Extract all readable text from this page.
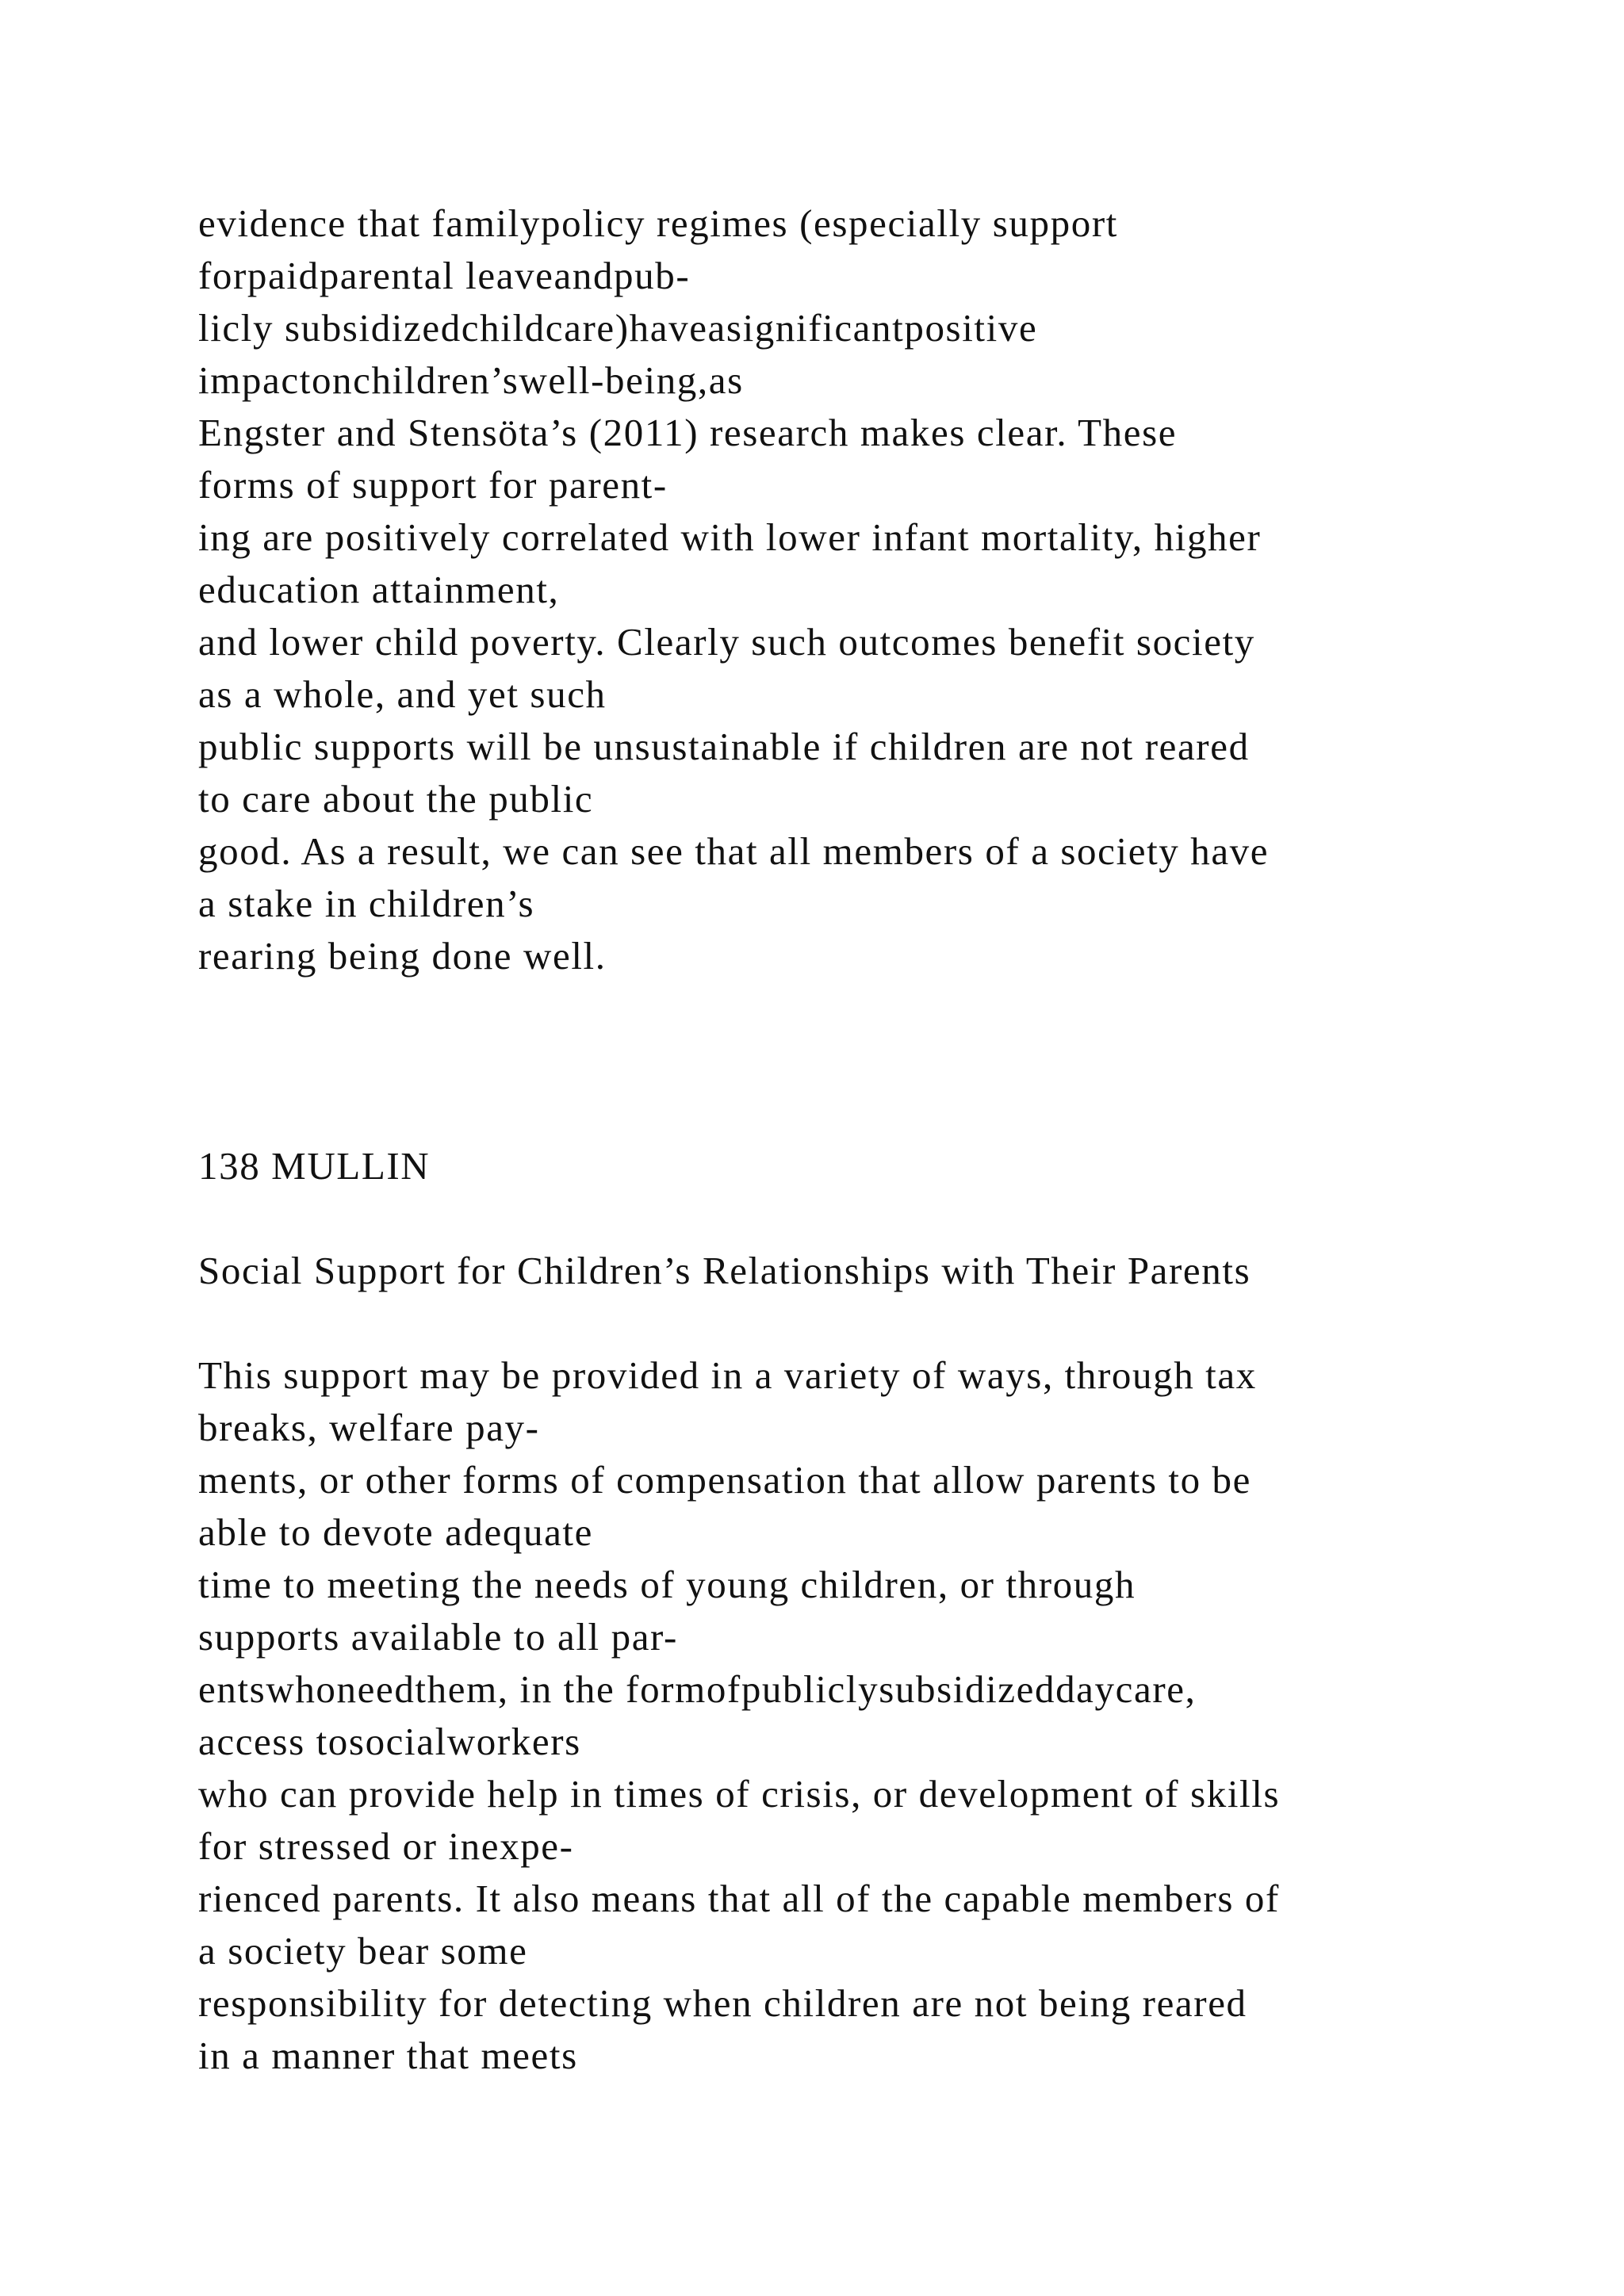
evidence that familypolicy regimes (especially support
forpaidparental leaveandpub-
licly subsidizedchildcare)haveasignificantpositive
impactonchildren’swell-being,as
Engster and Stensöta’s (2011) research makes clear. These
forms of support for parent-
ing are positively correlated with lower infant mortality, higher
education attainment,
and lower child poverty. Clearly such outcomes benefit society
as a whole, and yet such
public supports will be unsustainable if children are not reared
to care about the public
good. As a result, we can see that all members of a society have
a stake in children’s
rearing being done well.
138 MULLIN
Social Support for Children’s Relationships with Their Parents
This support may be provided in a variety of ways, through tax
breaks, welfare pay-
ments, or other forms of compensation that allow parents to be
able to devote adequate
time to meeting the needs of young children, or through
supports available to all par-
entswhoneedthem, in the formofpubliclysubsidizeddaycare,
access tosocialworkers
who can provide help in times of crisis, or development of skills
for stressed or inexpe-
rienced parents. It also means that all of the capable members of
a society bear some
responsibility for detecting when children are not being reared
in a manner that meets
